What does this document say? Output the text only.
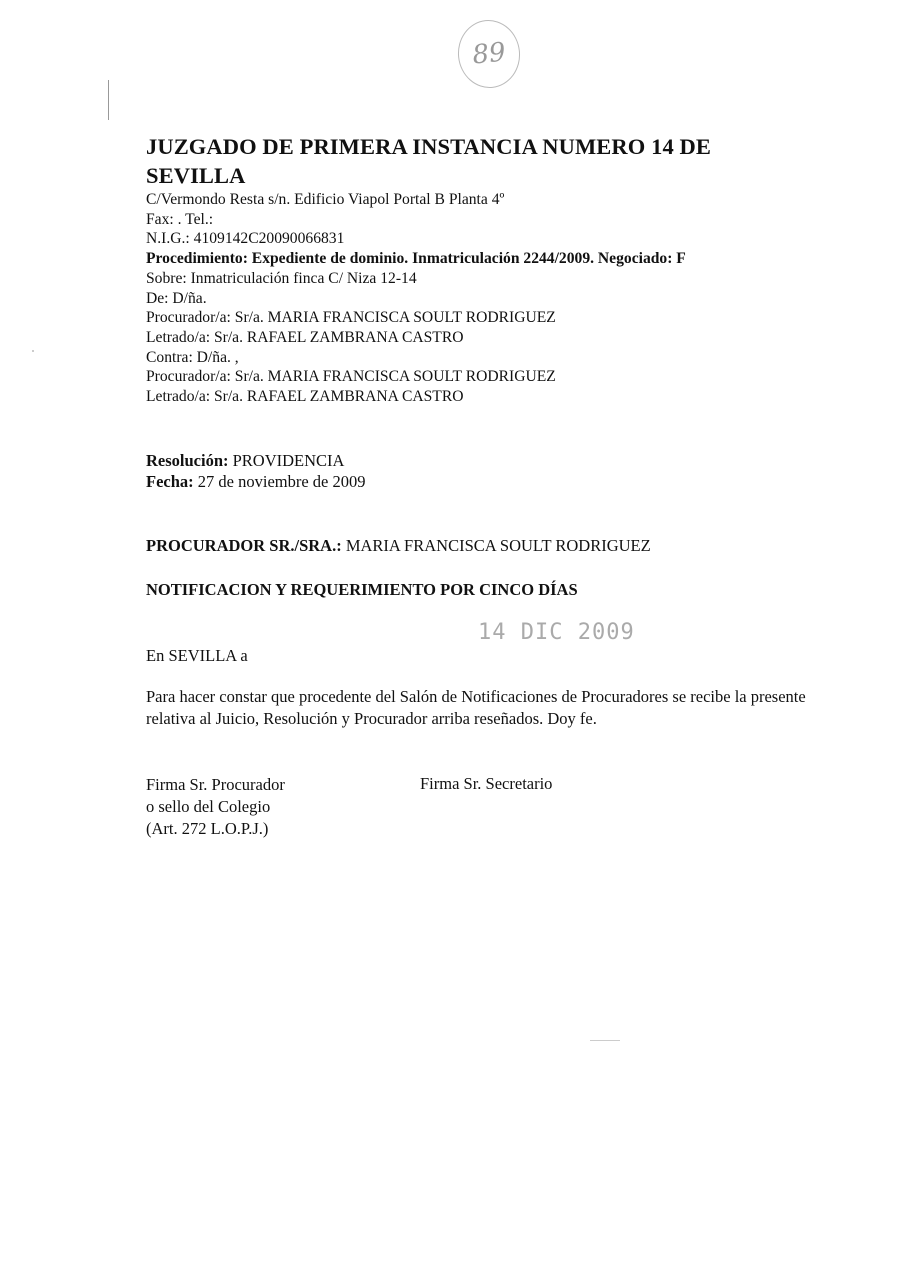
89
JUZGADO DE PRIMERA INSTANCIA NUMERO 14 DE SEVILLA
C/Vermondo Resta s/n. Edificio Viapol Portal B Planta 4º
Fax: . Tel.:
N.I.G.: 4109142C20090066831
Procedimiento: Expediente de dominio. Inmatriculación 2244/2009. Negociado: F
Sobre: Inmatriculación finca C/ Niza 12-14
De: D/ña.
Procurador/a: Sr/a. MARIA FRANCISCA SOULT RODRIGUEZ
Letrado/a: Sr/a. RAFAEL ZAMBRANA CASTRO
Contra: D/ña. ,
Procurador/a: Sr/a. MARIA FRANCISCA SOULT RODRIGUEZ
Letrado/a: Sr/a. RAFAEL ZAMBRANA CASTRO
Resolución: PROVIDENCIA
Fecha: 27 de noviembre de 2009
PROCURADOR SR./SRA.: MARIA FRANCISCA SOULT RODRIGUEZ
NOTIFICACION Y REQUERIMIENTO POR CINCO DÍAS
14 DIC 2009
En SEVILLA a
Para hacer constar que procedente del Salón de Notificaciones de Procuradores se recibe la presente relativa al Juicio, Resolución y Procurador arriba reseñados. Doy fe.
Firma Sr. Procurador
o sello del Colegio
(Art. 272 L.O.P.J.)
Firma Sr. Secretario
